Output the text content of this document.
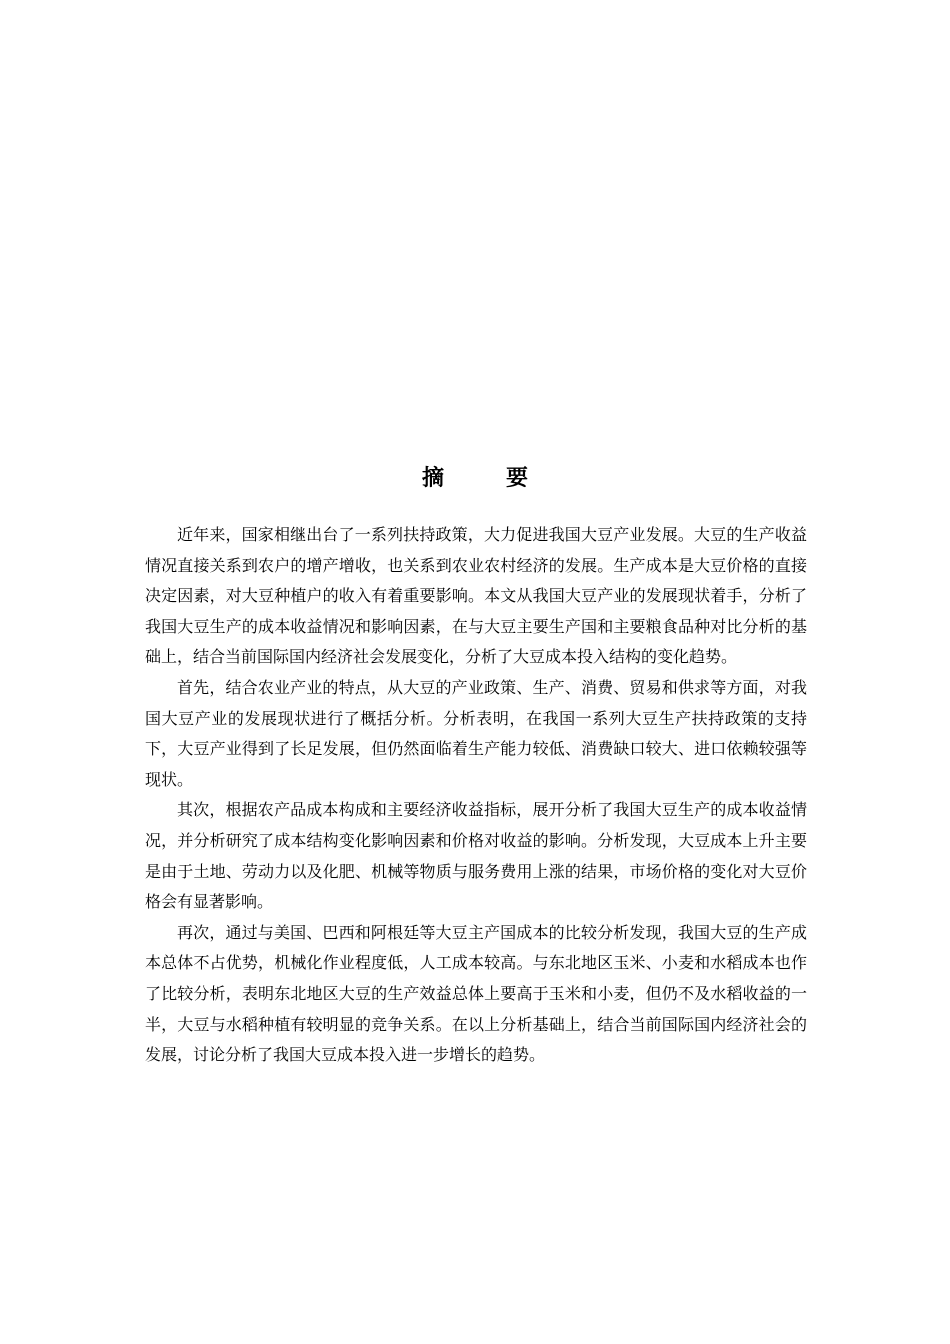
摘　要

近年来，国家相继出台了一系列扶持政策，大力促进我国大豆产业发展。大豆的生产收益情况直接关系到农户的增产增收，也关系到农业农村经济的发展。生产成本是大豆价格的直接决定因素，对大豆种植户的收入有着重要影响。本文从我国大豆产业的发展现状着手，分析了我国大豆生产的成本收益情况和影响因素，在与大豆主要生产国和主要粮食品种对比分析的基础上，结合当前国际国内经济社会发展变化，分析了大豆成本投入结构的变化趋势。

首先，结合农业产业的特点，从大豆的产业政策、生产、消费、贸易和供求等方面，对我国大豆产业的发展现状进行了概括分析。分析表明，在我国一系列大豆生产扶持政策的支持下，大豆产业得到了长足发展，但仍然面临着生产能力较低、消费缺口较大、进口依赖较强等现状。

其次，根据农产品成本构成和主要经济收益指标，展开分析了我国大豆生产的成本收益情况，并分析研究了成本结构变化影响因素和价格对收益的影响。分析发现，大豆成本上升主要是由于土地、劳动力以及化肥、机械等物质与服务费用上涨的结果，市场价格的变化对大豆价格会有显著影响。

再次，通过与美国、巴西和阿根廷等大豆主产国成本的比较分析发现，我国大豆的生产成本总体不占优势，机械化作业程度低，人工成本较高。与东北地区玉米、小麦和水稻成本也作了比较分析，表明东北地区大豆的生产效益总体上要高于玉米和小麦，但仍不及水稻收益的一半，大豆与水稻种植有较明显的竞争关系。在以上分析基础上，结合当前国际国内经济社会的发展，讨论分析了我国大豆成本投入进一步增长的趋势。
